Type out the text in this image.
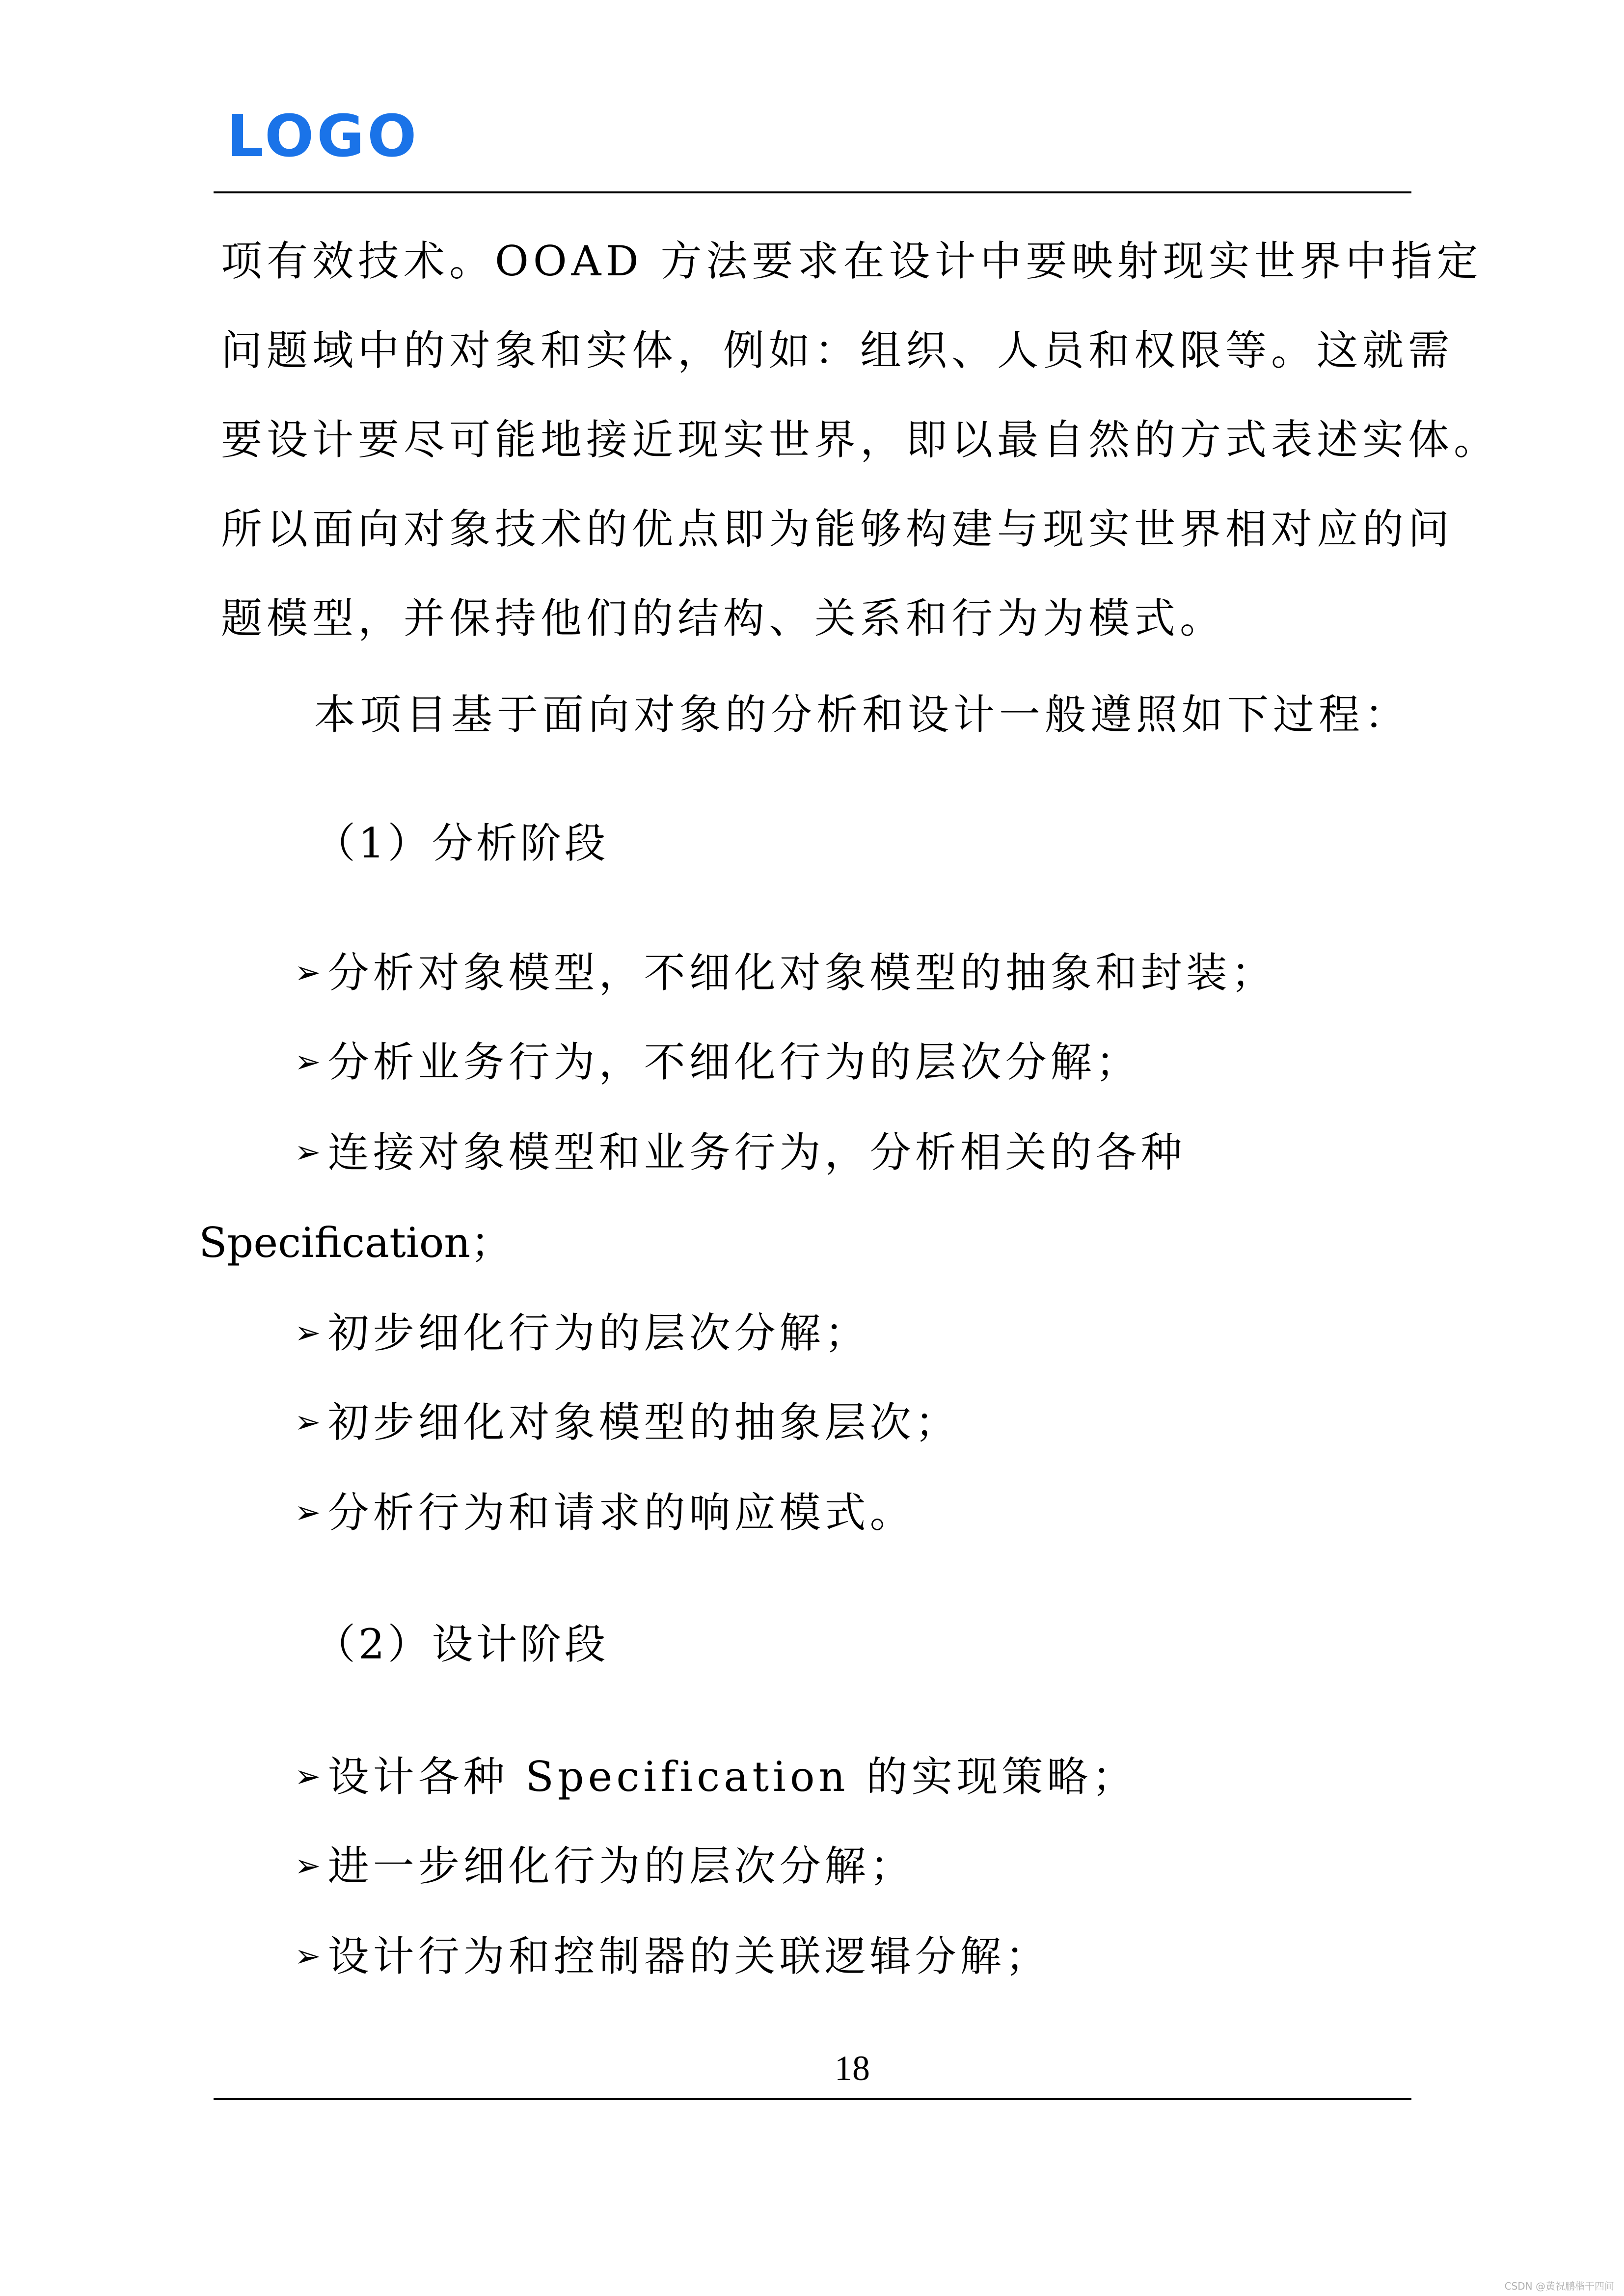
LOGO
项有效技术。OOAD 方法要求在设计中要映射现实世界中指定
问题域中的对象和实体，例如：组织、人员和权限等。这就需
要设计要尽可能地接近现实世界，即以最自然的方式表述实体。
所以面向对象技术的优点即为能够构建与现实世界相对应的问
题模型，并保持他们的结构、关系和行为为模式。
本项目基于面向对象的分析和设计一般遵照如下过程：
（1）分析阶段
➢分析对象模型，不细化对象模型的抽象和封装；
➢分析业务行为，不细化行为的层次分解；
➢连接对象模型和业务行为，分析相关的各种
Specification；
➢初步细化行为的层次分解；
➢初步细化对象模型的抽象层次；
➢分析行为和请求的响应模式。
（2）设计阶段
➢设计各种 Specification 的实现策略；
➢进一步细化行为的层次分解；
➢设计行为和控制器的关联逻辑分解；
18
CSDN @黄祝鹏楷干四间
